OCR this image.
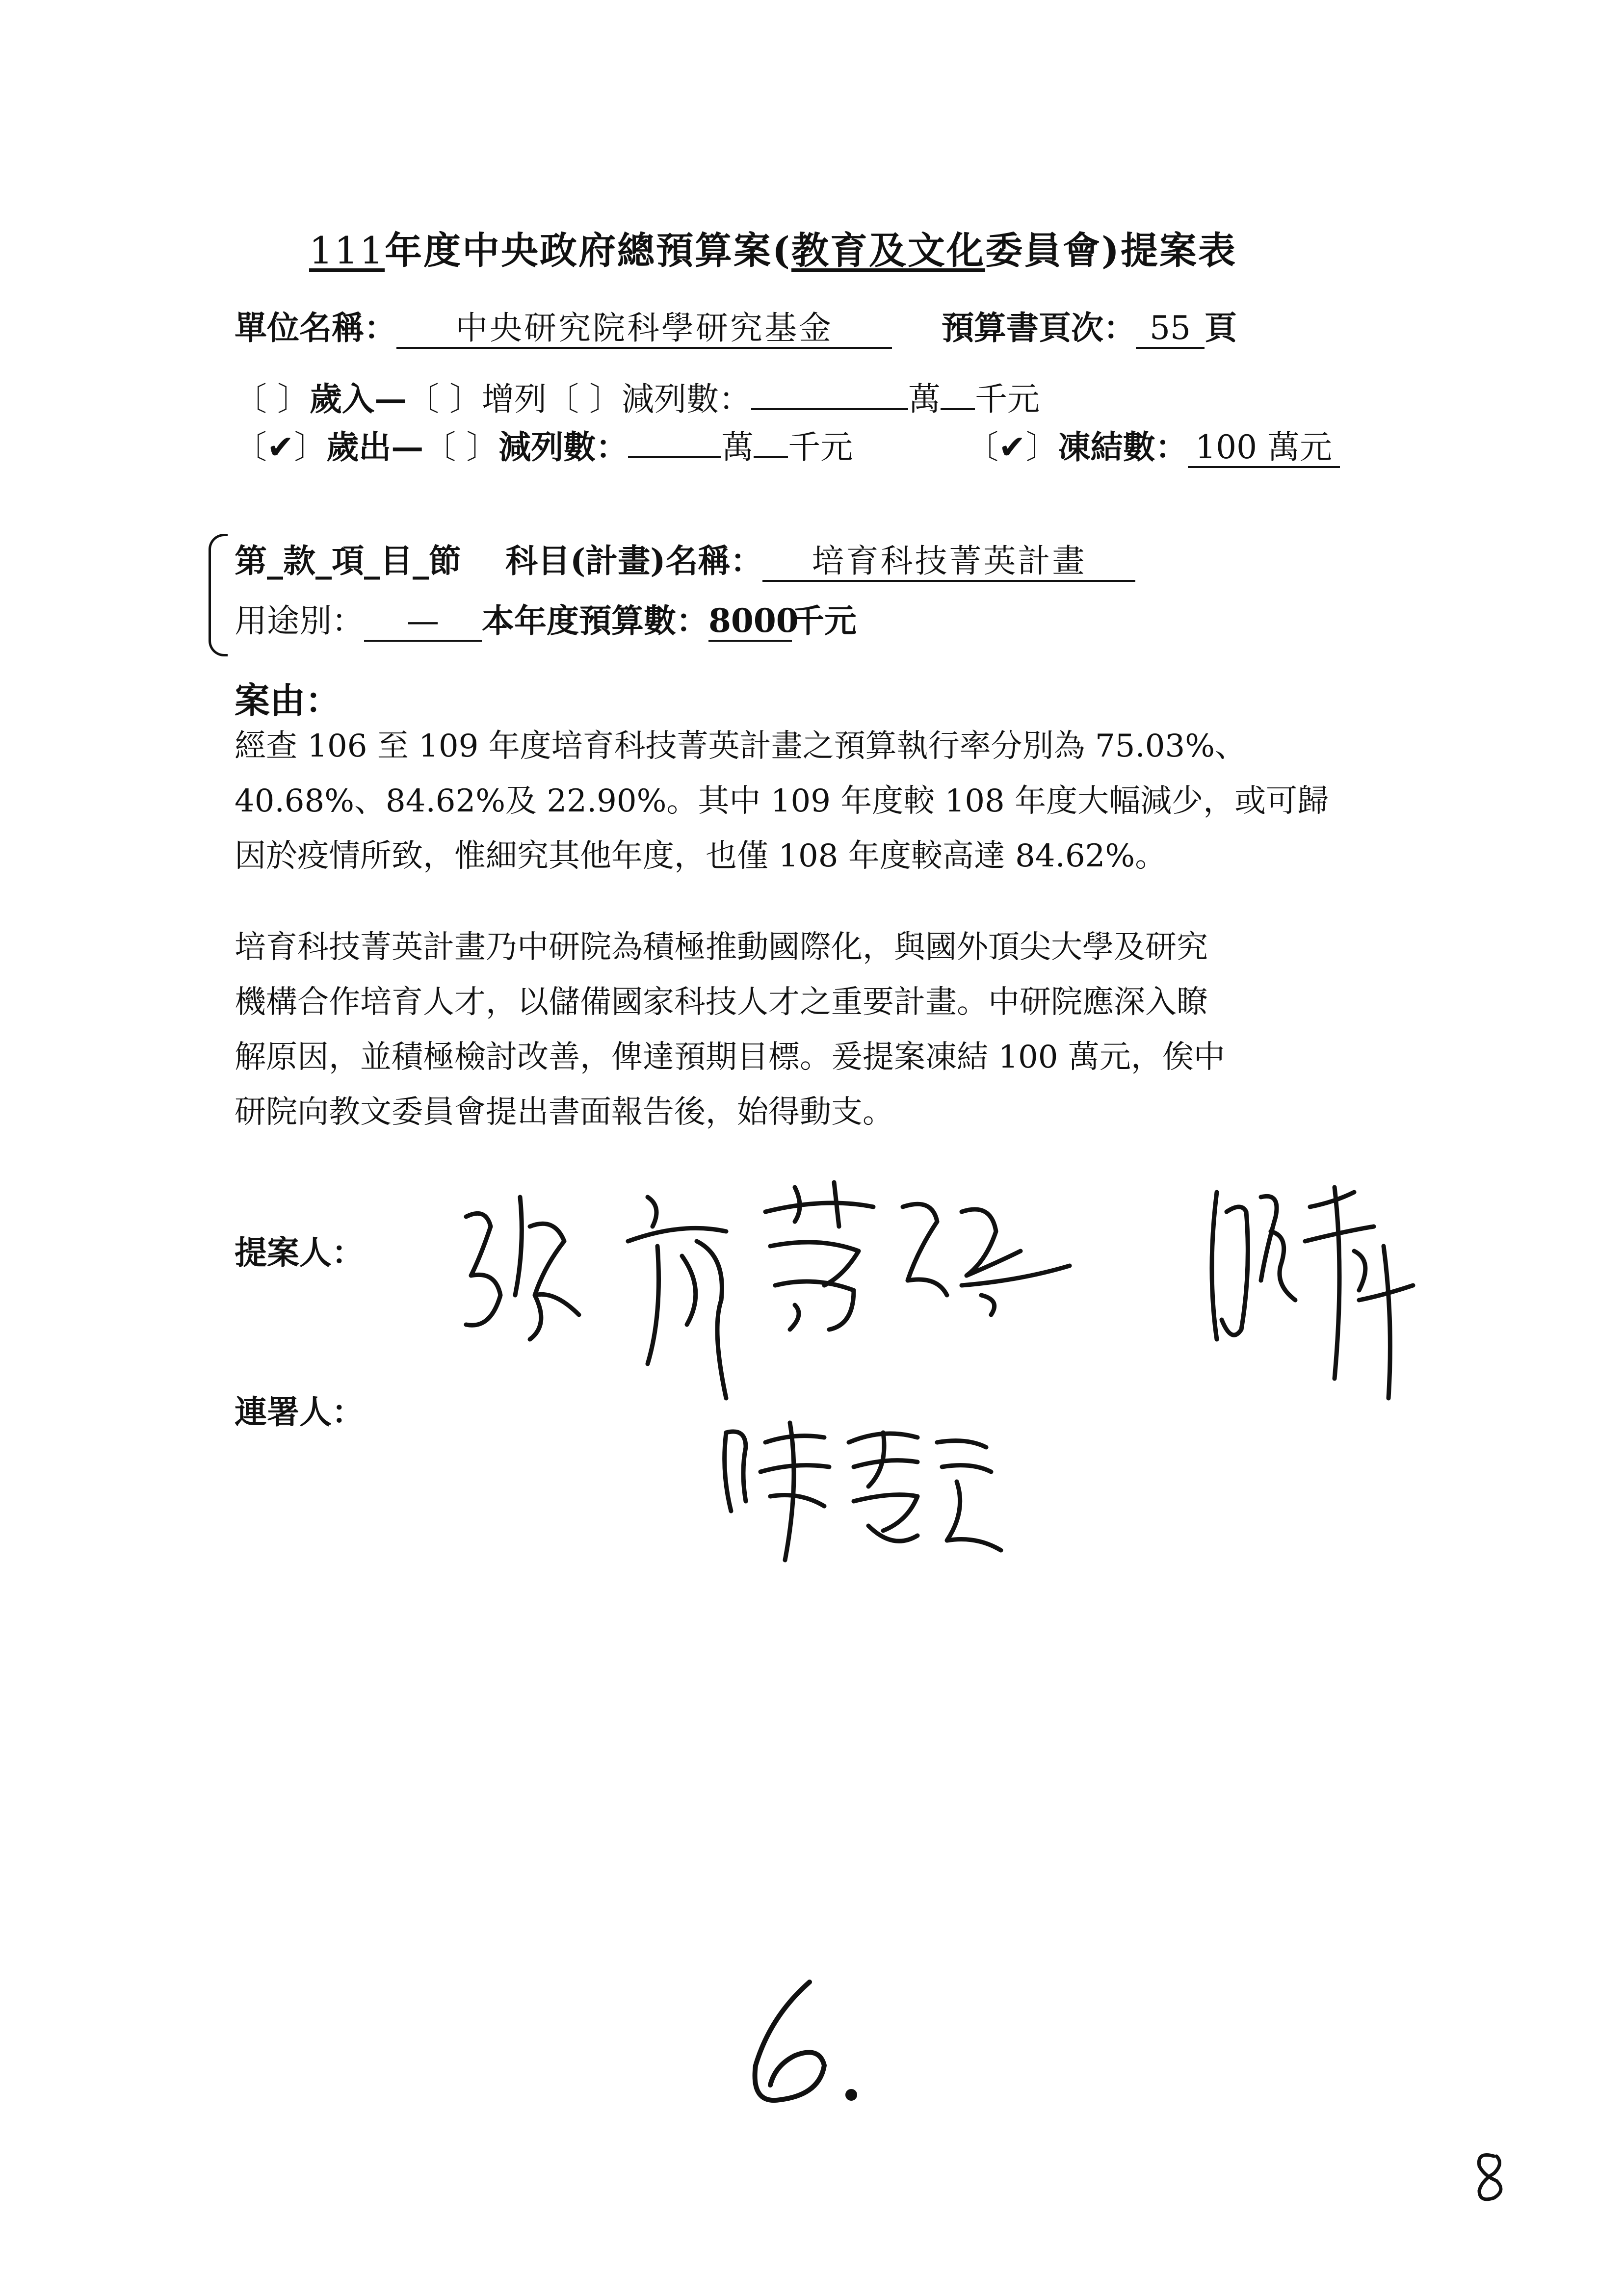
111年度中央政府總預算案(教育及文化委員會)提案表
單位名稱： 中央研究院科學研究基金	預算書頁次： 55 頁
〔 〕歲入—〔 〕增列〔 〕減列數：	萬 千元
〔✔〕歲出—〔 〕減列數：	萬 千元	〔✔〕凍結數： 100 萬元
第_款_項_目_節 科目(計畫)名稱： 培育科技菁英計畫
用途別： — 本年度預算數：8000千元
案由：
經查 106 至 109 年度培育科技菁英計畫之預算執行率分別為 75.03%、
40.68%、84.62%及 22.90%。其中 109 年度較 108 年度大幅減少，或可歸
因於疫情所致，惟細究其他年度，也僅 108 年度較高達 84.62%。
培育科技菁英計畫乃中研院為積極推動國際化，與國外頂尖大學及研究
機構合作培育人才，以儲備國家科技人才之重要計畫。中研院應深入瞭
解原因，並積極檢討改善，俾達預期目標。爰提案凍結 100 萬元，俟中
研院向教文委員會提出書面報告後，始得動支。
提案人：
連署人：
